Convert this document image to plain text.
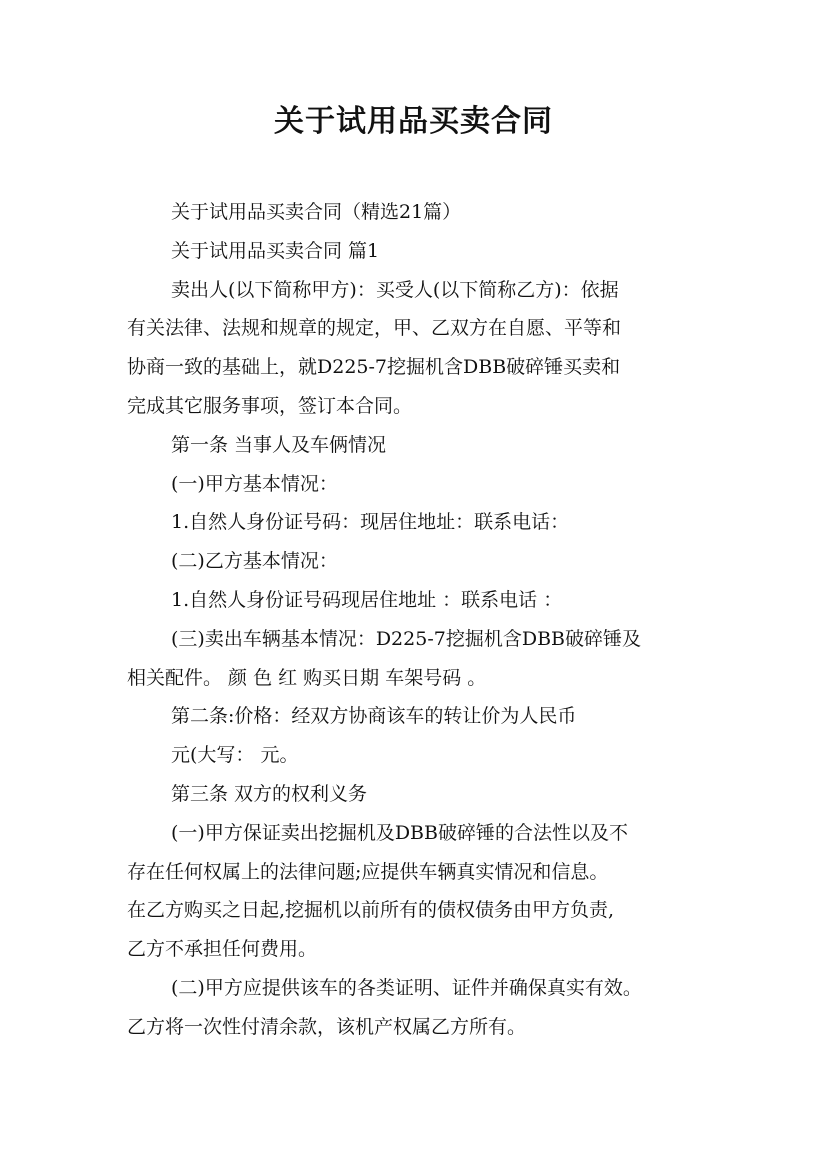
关于试用品买卖合同
关于试用品买卖合同（精选21篇）
关于试用品买卖合同 篇1
卖出人(以下简称甲方)：买受人(以下简称乙方)：依据
有关法律、法规和规章的规定，甲、乙双方在自愿、平等和
协商一致的基础上，就D225-7挖掘机含DBB破碎锤买卖和
完成其它服务事项，签订本合同。
第一条 当事人及车俩情况
(一)甲方基本情况：
1.自然人身份证号码：现居住地址：联系电话：
(二)乙方基本情况：
1.自然人身份证号码现居住地址 ：联系电话 ：
(三)卖出车辆基本情况：D225-7挖掘机含DBB破碎锤及
相关配件。 颜 色 红 购买日期 车架号码 。
第二条:价格：经双方协商该车的转让价为人民币
元(大写： 元。
第三条 双方的权利义务
(一)甲方保证卖出挖掘机及DBB破碎锤的合法性以及不
存在任何权属上的法律问题;应提供车辆真实情况和信息。
在乙方购买之日起,挖掘机以前所有的债权债务由甲方负责,
乙方不承担任何费用。
(二)甲方应提供该车的各类证明、证件并确保真实有效。
乙方将一次性付清余款，该机产权属乙方所有。
